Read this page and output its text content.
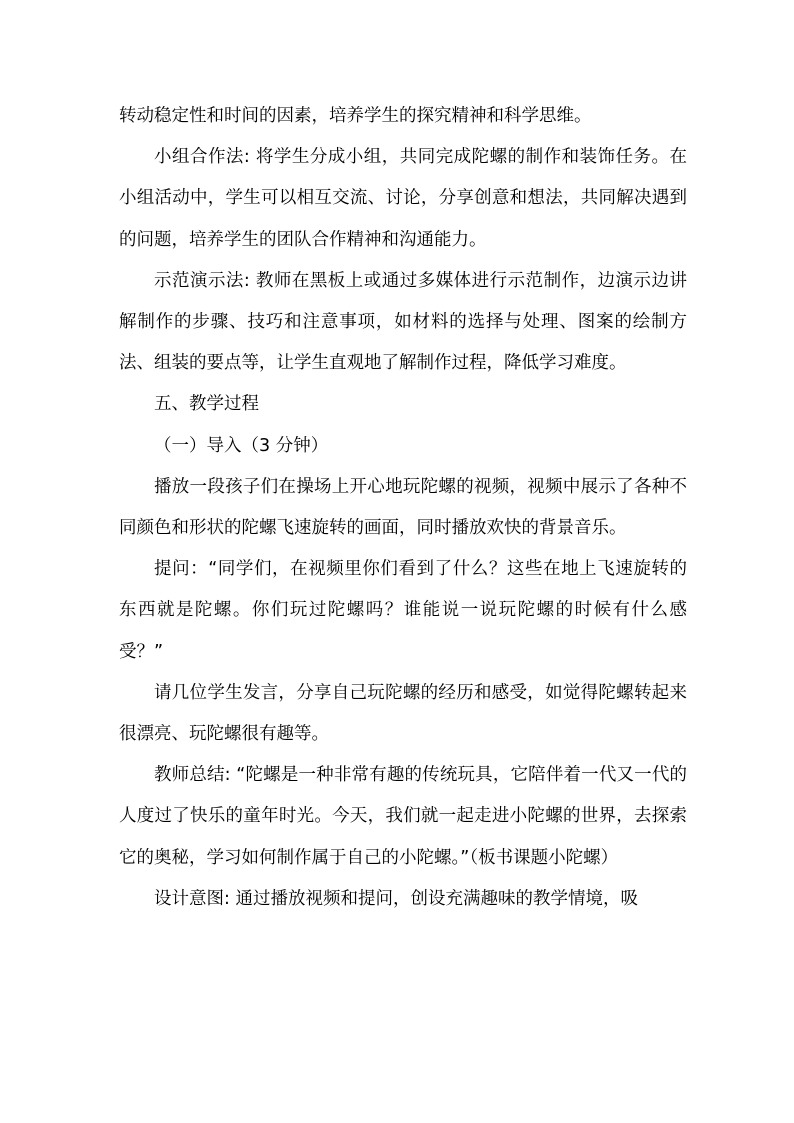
转动稳定性和时间的因素，培养学生的探究精神和科学思维。

小组合作法: 将学生分成小组，共同完成陀螺的制作和装饰任务。在小组活动中，学生可以相互交流、讨论，分享创意和想法，共同解决遇到的问题，培养学生的团队合作精神和沟通能力。

示范演示法: 教师在黑板上或通过多媒体进行示范制作，边演示边讲解制作的步骤、技巧和注意事项，如材料的选择与处理、图案的绘制方法、组装的要点等，让学生直观地了解制作过程，降低学习难度。

五、教学过程

（一）导入（3 分钟）

播放一段孩子们在操场上开心地玩陀螺的视频，视频中展示了各种不同颜色和形状的陀螺飞速旋转的画面，同时播放欢快的背景音乐。

提问：“同学们，在视频里你们看到了什么？这些在地上飞速旋转的东西就是陀螺。你们玩过陀螺吗？谁能说一说玩陀螺的时候有什么感受？”

请几位学生发言，分享自己玩陀螺的经历和感受，如觉得陀螺转起来很漂亮、玩陀螺很有趣等。

教师总结: “陀螺是一种非常有趣的传统玩具，它陪伴着一代又一代的人度过了快乐的童年时光。今天，我们就一起走进小陀螺的世界，去探索它的奥秘，学习如何制作属于自己的小陀螺。”（板书课题小陀螺）

设计意图: 通过播放视频和提问，创设充满趣味的教学情境，吸
